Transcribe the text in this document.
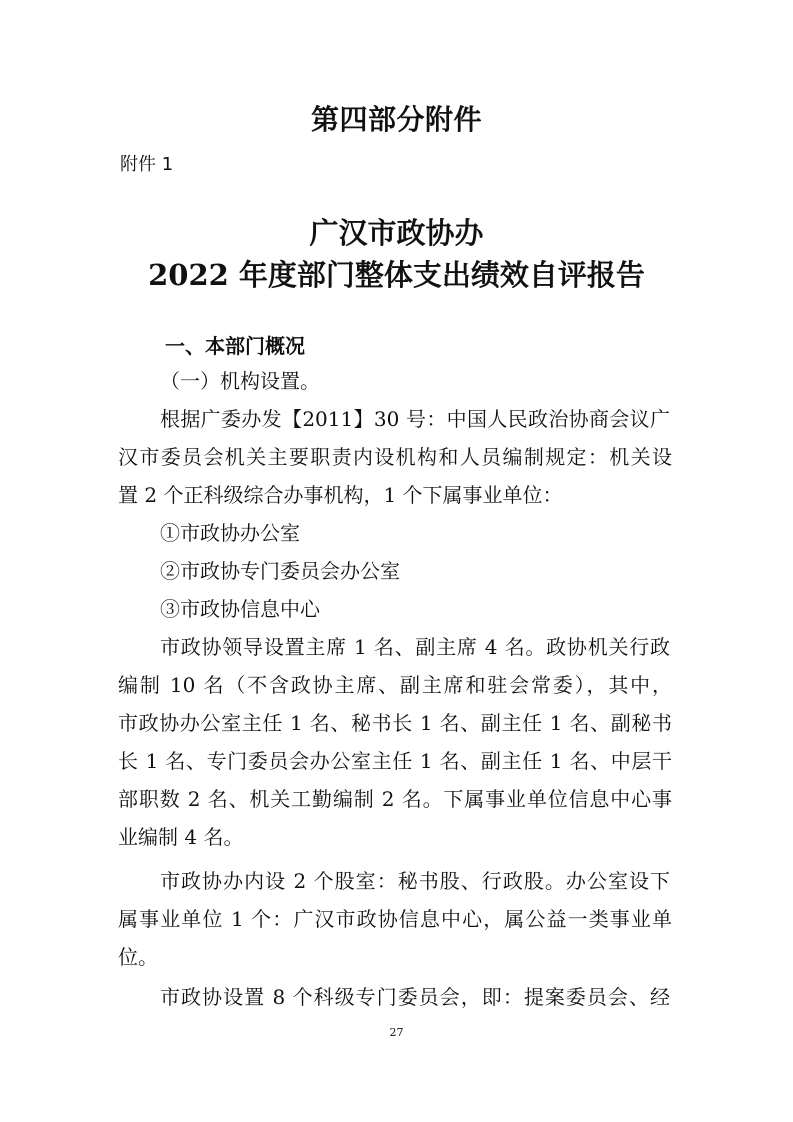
第四部分附件
附件 1
广汉市政协办
2022 年度部门整体支出绩效自评报告
一、本部门概况
（一）机构设置。
根据广委办发【2011】30 号：中国人民政治协商会议广
汉市委员会机关主要职责内设机构和人员编制规定：机关设
置 2 个正科级综合办事机构，1 个下属事业单位：
①市政协办公室
②市政协专门委员会办公室
③市政协信息中心
市政协领导设置主席 1 名、副主席 4 名。政协机关行政
编制 10 名（不含政协主席、副主席和驻会常委），其中，
市政协办公室主任 1 名、秘书长 1 名、副主任 1 名、副秘书
长 1 名、专门委员会办公室主任 1 名、副主任 1 名、中层干
部职数 2 名、机关工勤编制 2 名。下属事业单位信息中心事
业编制 4 名。
市政协办内设 2 个股室：秘书股、行政股。办公室设下
属事业单位 1 个：广汉市政协信息中心，属公益一类事业单
位。
市政协设置 8 个科级专门委员会，即：提案委员会、经
27
